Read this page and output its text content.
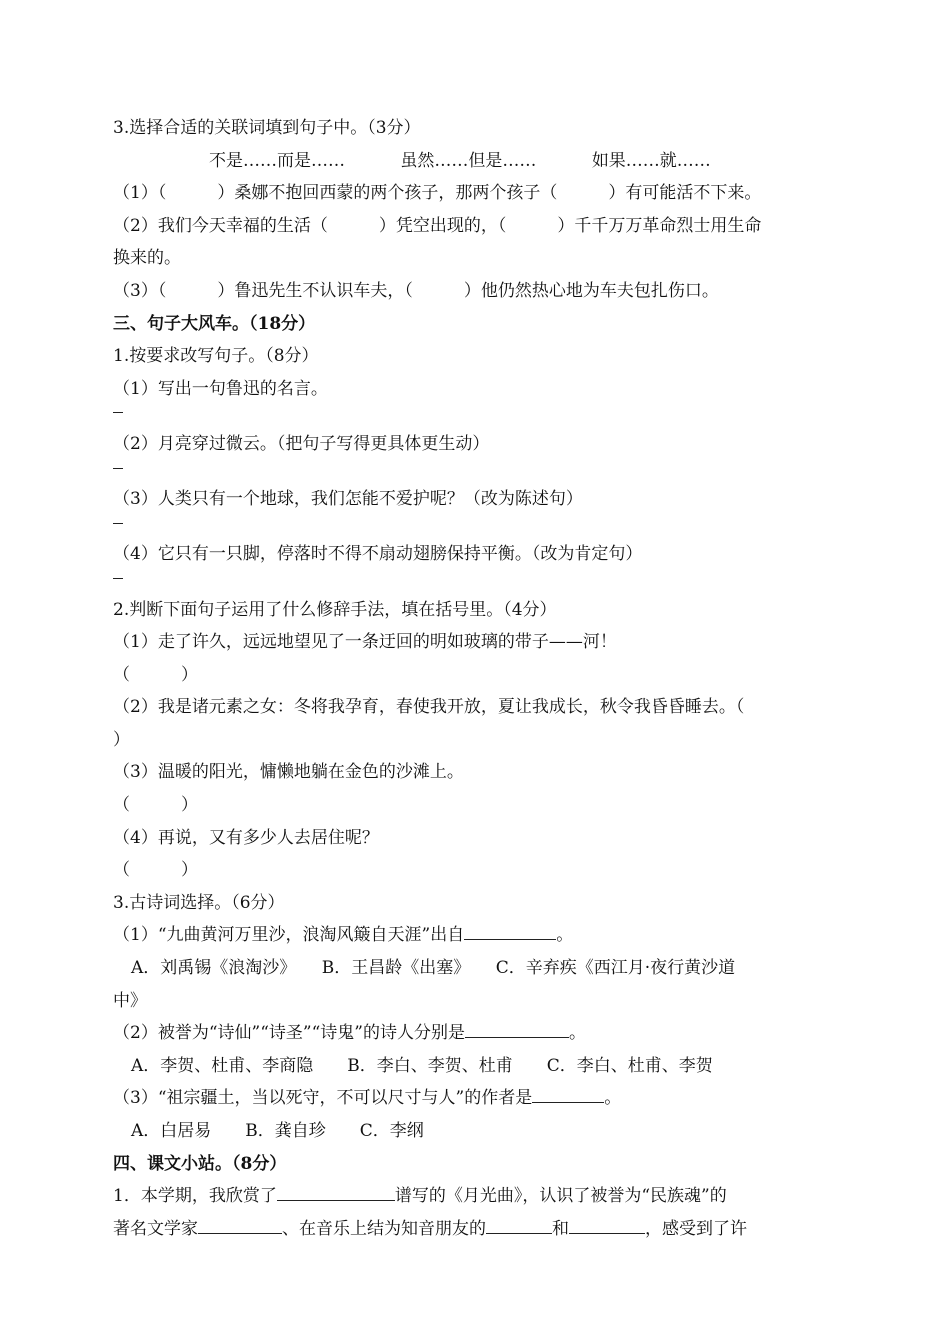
3.选择合适的关联词填到句子中。（3分）
不是……而是……	虽然……但是……	如果……就……
（1）（　　　）桑娜不抱回西蒙的两个孩子，那两个孩子（　　　）有可能活不下来。
（2）我们今天幸福的生活（　　　）凭空出现的，（　　　）千千万万革命烈士用生命
换来的。
（3）（　　　）鲁迅先生不认识车夫，（　　　）他仍然热心地为车夫包扎伤口。
三、句子大风车。（18分）
1.按要求改写句子。（8分）
（1）写出一句鲁迅的名言。
（2）月亮穿过微云。（把句子写得更具体更生动）
（3）人类只有一个地球，我们怎能不爱护呢？（改为陈述句）
（4）它只有一只脚，停落时不得不扇动翅膀保持平衡。（改为肯定句）
2.判断下面句子运用了什么修辞手法，填在括号里。（4分）
（1）走了许久，远远地望见了一条迂回的明如玻璃的带子——河！
（　　　）
（2）我是诸元素之女：冬将我孕育，春使我开放，夏让我成长，秋令我昏昏睡去。（
）
（3）温暖的阳光，慵懒地躺在金色的沙滩上。
（　　　）
（4）再说，又有多少人去居住呢？
（　　　）
3.古诗词选择。（6分）
（1）“九曲黄河万里沙，浪淘风簸自天涯”出自	。
A．刘禹锡《浪淘沙》　　B．王昌龄《出塞》　　C．辛弃疾《西江月·夜行黄沙道
中》
（2）被誉为“诗仙”“诗圣”“诗鬼”的诗人分别是	。
A．李贺、杜甫、李商隐　　B．李白、李贺、杜甫　　C．李白、杜甫、李贺
（3）“祖宗疆土，当以死守，不可以尺寸与人”的作者是	。
A．白居易　　B．龚自珍　　C．李纲
四、课文小站。（8分）
1．本学期，我欣赏了	谱写的《月光曲》，认识了被誉为“民族魂”的
著名文学家	、在音乐上结为知音朋友的	和	，感受到了许
